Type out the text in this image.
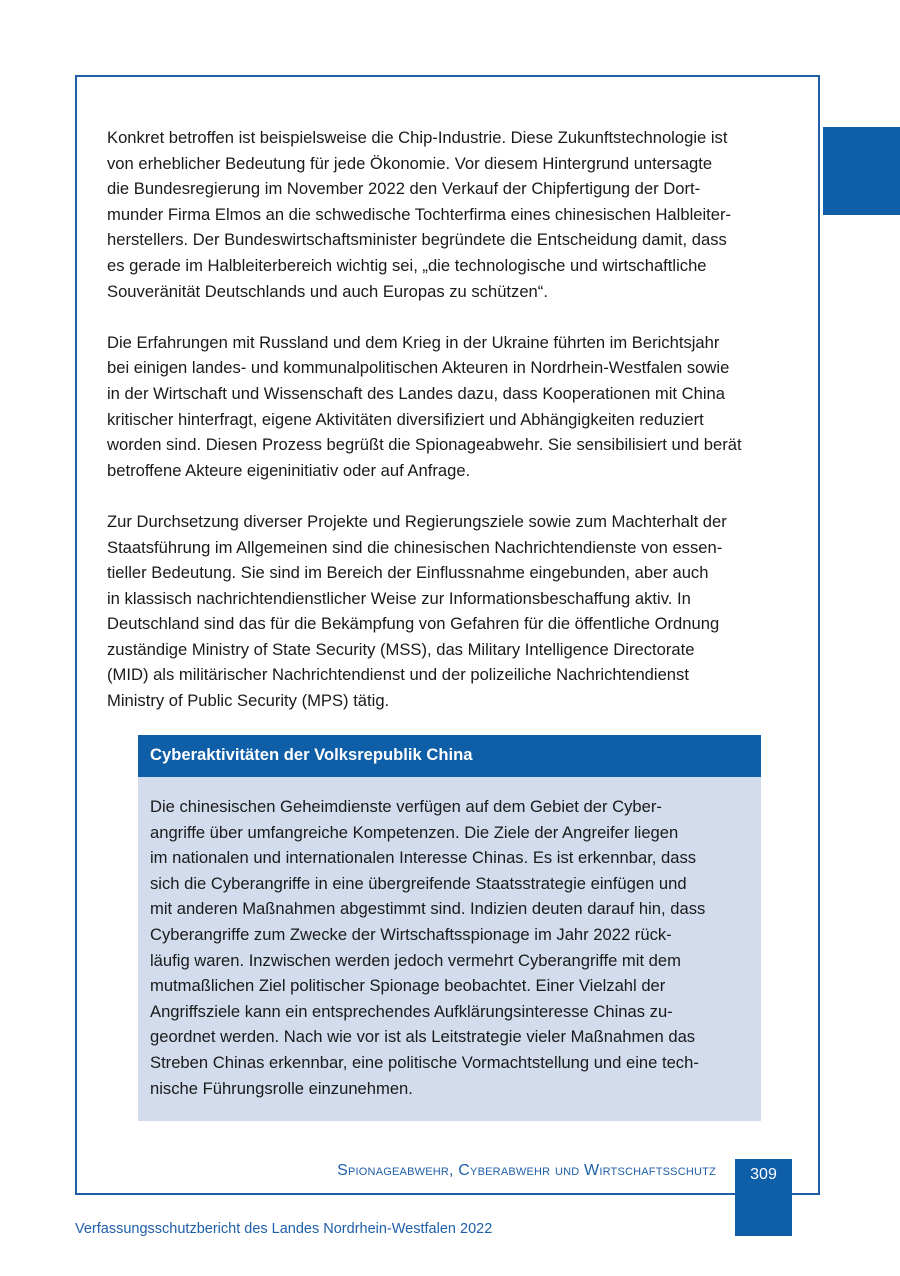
Konkret betroffen ist beispielsweise die Chip-Industrie. Diese Zukunftstechnologie ist
von erheblicher Bedeutung für jede Ökonomie. Vor diesem Hintergrund untersagte
die Bundesregierung im November 2022 den Verkauf der Chipfertigung der Dort-
munder Firma Elmos an die schwedische Tochterfirma eines chinesischen Halbleiter-
herstellers. Der Bundeswirtschaftsminister begründete die Entscheidung damit, dass
es gerade im Halbleiterbereich wichtig sei, „die technologische und wirtschaftliche
Souveränität Deutschlands und auch Europas zu schützen“.

Die Erfahrungen mit Russland und dem Krieg in der Ukraine führten im Berichtsjahr
bei einigen landes- und kommunalpolitischen Akteuren in Nordrhein-Westfalen sowie
in der Wirtschaft und Wissenschaft des Landes dazu, dass Kooperationen mit China
kritischer hinterfragt, eigene Aktivitäten diversifiziert und Abhängigkeiten reduziert
worden sind. Diesen Prozess begrüßt die Spionageabwehr. Sie sensibilisiert und berät
betroffene Akteure eigeninitiativ oder auf Anfrage.

Zur Durchsetzung diverser Projekte und Regierungsziele sowie zum Machterhalt der
Staatsführung im Allgemeinen sind die chinesischen Nachrichtendienste von essen-
tieller Bedeutung. Sie sind im Bereich der Einflussnahme eingebunden, aber auch
in klassisch nachrichtendienstlicher Weise zur Informationsbeschaffung aktiv. In
Deutschland sind das für die Bekämpfung von Gefahren für die öffentliche Ordnung
zuständige Ministry of State Security (MSS), das Military Intelligence Directorate
(MID) als militärischer Nachrichtendienst und der polizeiliche Nachrichtendienst
Ministry of Public Security (MPS) tätig.

Cyberaktivitäten der Volksrepublik China
Die chinesischen Geheimdienste verfügen auf dem Gebiet der Cyber-
angriffe über umfangreiche Kompetenzen. Die Ziele der Angreifer liegen
im nationalen und internationalen Interesse Chinas. Es ist erkennbar, dass
sich die Cyberangriffe in eine übergreifende Staatsstrategie einfügen und
mit anderen Maßnahmen abgestimmt sind. Indizien deuten darauf hin, dass
Cyberangriffe zum Zwecke der Wirtschaftsspionage im Jahr 2022 rück-
läufig waren. Inzwischen werden jedoch vermehrt Cyberangriffe mit dem
mutmaßlichen Ziel politischer Spionage beobachtet. Einer Vielzahl der
Angriffsziele kann ein entsprechendes Aufklärungsinteresse Chinas zu-
geordnet werden. Nach wie vor ist als Leitstrategie vieler Maßnahmen das
Streben Chinas erkennbar, eine politische Vormachtstellung und eine tech-
nische Führungsrolle einzunehmen.
Spionageabwehr, Cyberabwehr und Wirtschaftsschutz	309
Verfassungsschutzbericht des Landes Nordrhein-Westfalen 2022
